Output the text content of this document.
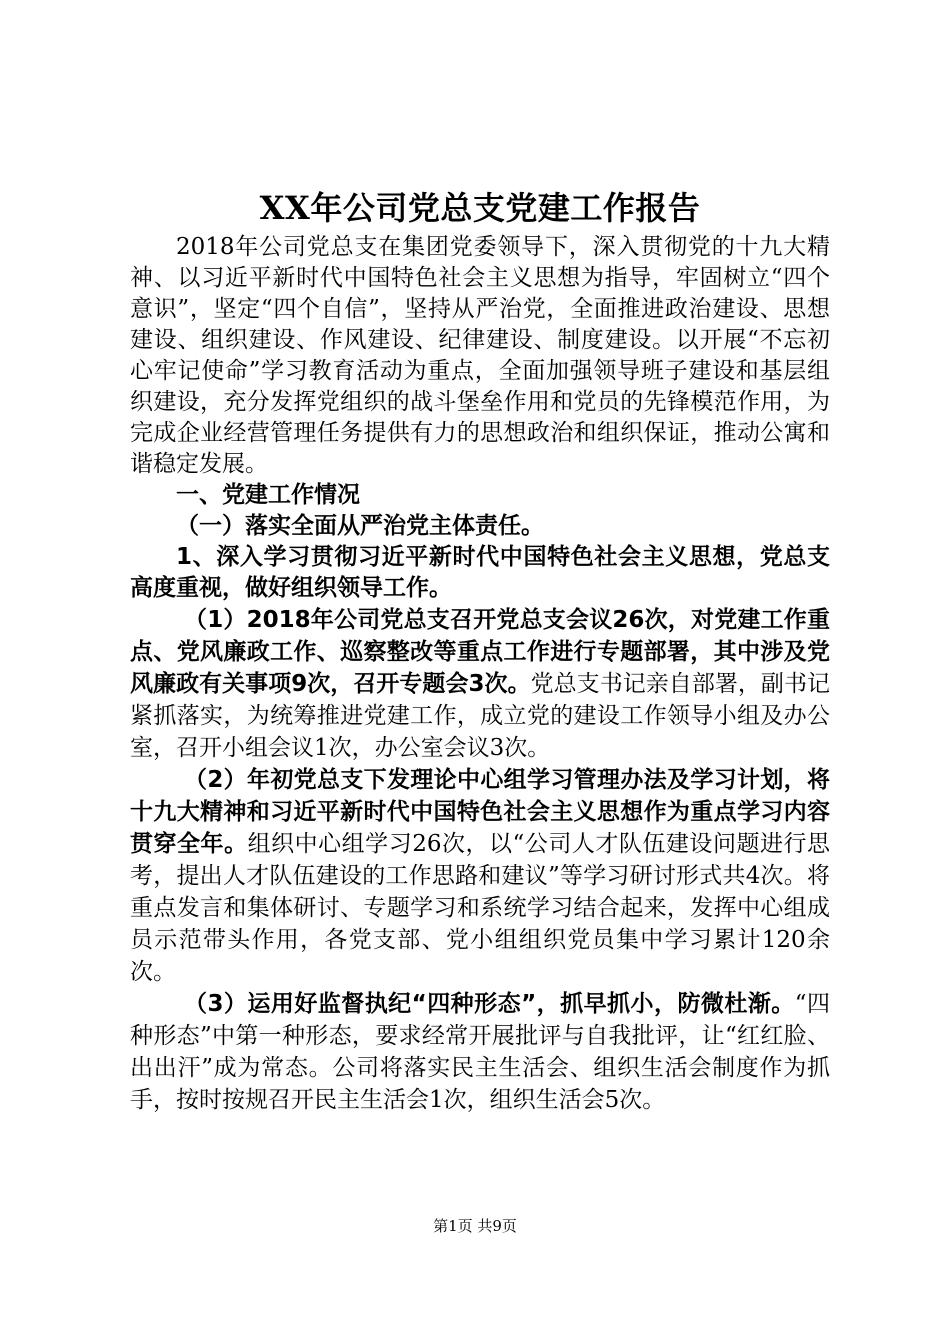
XX年公司党总支党建工作报告

2018年公司党总支在集团党委领导下，深入贯彻党的十九大精神、以习近平新时代中国特色社会主义思想为指导，牢固树立“四个意识”，坚定“四个自信”，坚持从严治党，全面推进政治建设、思想建设、组织建设、作风建设、纪律建设、制度建设。以开展“不忘初心牢记使命”学习教育活动为重点，全面加强领导班子建设和基层组织建设，充分发挥党组织的战斗堡垒作用和党员的先锋模范作用，为完成企业经营管理任务提供有力的思想政治和组织保证，推动公寓和谐稳定发展。

一、党建工作情况

（一）落实全面从严治党主体责任。

1、深入学习贯彻习近平新时代中国特色社会主义思想，党总支高度重视，做好组织领导工作。

（1）2018年公司党总支召开党总支会议26次，对党建工作重点、党风廉政工作、巡察整改等重点工作进行专题部署，其中涉及党风廉政有关事项9次，召开专题会3次。党总支书记亲自部署，副书记紧抓落实，为统筹推进党建工作，成立党的建设工作领导小组及办公室，召开小组会议1次，办公室会议3次。

（2）年初党总支下发理论中心组学习管理办法及学习计划，将十九大精神和习近平新时代中国特色社会主义思想作为重点学习内容贯穿全年。组织中心组学习26次，以“公司人才队伍建设问题进行思考，提出人才队伍建设的工作思路和建议”等学习研讨形式共4次。将重点发言和集体研讨、专题学习和系统学习结合起来，发挥中心组成员示范带头作用，各党支部、党小组组织党员集中学习累计120余次。

（3）运用好监督执纪“四种形态”，抓早抓小，防微杜渐。“四种形态”中第一种形态，要求经常开展批评与自我批评，让“红红脸、出出汗”成为常态。公司将落实民主生活会、组织生活会制度作为抓手，按时按规召开民主生活会1次，组织生活会5次。

第1页 共9页
